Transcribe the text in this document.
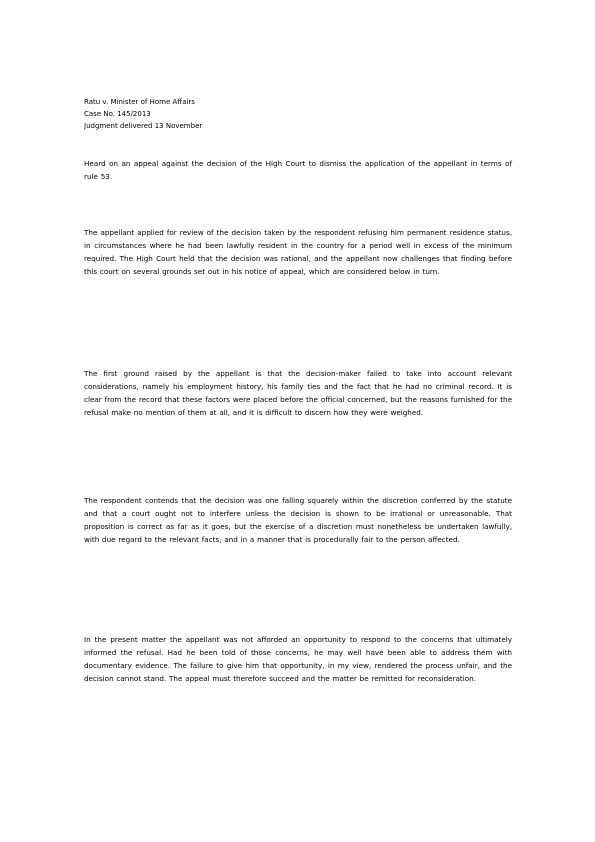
Ratu v. Minister of Home Affairs
Case No. 145/2013
Judgment delivered 13 November
Heard on an appeal against the decision of the High Court to dismiss the application of the appellant in terms of rule 53.
The appellant applied for review of the decision taken by the respondent refusing him permanent residence status, in circumstances where he had been lawfully resident in the country for a period well in excess of the minimum required. The High Court held that the decision was rational, and the appellant now challenges that finding before this court on several grounds set out in his notice of appeal, which are considered below in turn.
The first ground raised by the appellant is that the decision-maker failed to take into account relevant considerations, namely his employment history, his family ties and the fact that he had no criminal record. It is clear from the record that these factors were placed before the official concerned, but the reasons furnished for the refusal make no mention of them at all, and it is difficult to discern how they were weighed.
The respondent contends that the decision was one falling squarely within the discretion conferred by the statute and that a court ought not to interfere unless the decision is shown to be irrational or unreasonable. That proposition is correct as far as it goes, but the exercise of a discretion must nonetheless be undertaken lawfully, with due regard to the relevant facts, and in a manner that is procedurally fair to the person affected.
In the present matter the appellant was not afforded an opportunity to respond to the concerns that ultimately informed the refusal. Had he been told of those concerns, he may well have been able to address them with documentary evidence. The failure to give him that opportunity, in my view, rendered the process unfair, and the decision cannot stand. The appeal must therefore succeed and the matter be remitted for reconsideration.
